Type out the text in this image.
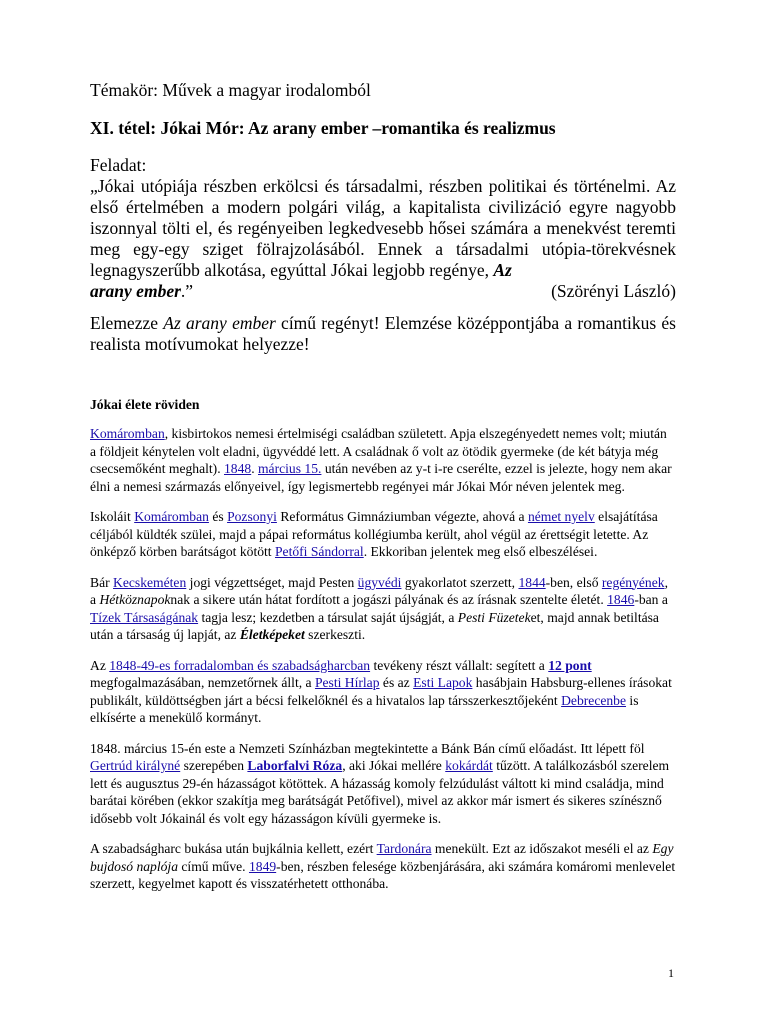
Témakör: Művek a magyar irodalomból
XI. tétel: Jókai Mór: Az arany ember –romantika és realizmus
Feladat:
„Jókai utópiája részben erkölcsi és társadalmi, részben politikai és történelmi. Az első értelmében a modern polgári világ, a kapitalista civilizáció egyre nagyobb iszonnyal tölti el, és regényeiben legkedvesebb hősei számára a menekvést teremti meg egy-egy sziget fölrajzolásából. Ennek a társadalmi utópia-törekvésnek legnagyszerűbb alkotása, egyúttal Jókai legjobb regénye, Az
arany ember.”	(Szörényi László)
Elemezze Az arany ember című regényt! Elemzése középpontjába a romantikus és realista motívumokat helyezze!
Jókai élete röviden

Komáromban, kisbirtokos nemesi értelmiségi családban született. Apja elszegényedett nemes volt; miután a földjeit kénytelen volt eladni, ügyvéddé lett. A családnak ő volt az ötödik gyermeke (de két bátyja még csecsemőként meghalt). 1848. március 15. után nevében az y-t i-re cserélte, ezzel is jelezte, hogy nem akar élni a nemesi származás előnyeivel, így legismertebb regényei már Jókai Mór néven jelentek meg.

Iskoláit Komáromban és Pozsonyi Református Gimnáziumban végezte, ahová a német nyelv elsajátítása céljából küldték szülei, majd a pápai református kollégiumba került, ahol végül az érettségit letette. Az önképző körben barátságot kötött Petőfi Sándorral. Ekkoriban jelentek meg első elbeszélései.

Bár Kecskeméten jogi végzettséget, majd Pesten ügyvédi gyakorlatot szerzett, 1844-ben, első regényének, a Hétköznapoknak a sikere után hátat fordított a jogászi pályának és az írásnak szentelte életét. 1846-ban a Tízek Társaságának tagja lesz; kezdetben a társulat saját újságját, a Pesti Füzeteket, majd annak betiltása után a társaság új lapját, az Életképeket szerkeszti.

Az 1848-49-es forradalomban és szabadságharcban tevékeny részt vállalt: segített a 12 pont megfogalmazásában, nemzetőrnek állt, a Pesti Hírlap és az Esti Lapok hasábjain Habsburg-ellenes írásokat publikált, küldöttségben járt a bécsi felkelőknél és a hivatalos lap társszerkesztőjeként Debrecenbe is elkísérte a menekülő kormányt.

1848. március 15-én este a Nemzeti Színházban megtekintette a Bánk Bán című előadást. Itt lépett föl Gertrúd királyné szerepében Laborfalvi Róza, aki Jókai mellére kokárdát tűzött. A találkozásból szerelem lett és augusztus 29-én házasságot kötöttek. A házasság komoly felzúdulást váltott ki mind családja, mind barátai körében (ekkor szakítja meg barátságát Petőfivel), mivel az akkor már ismert és sikeres színésznő idősebb volt Jókainál és volt egy házasságon kívüli gyermeke is.

A szabadságharc bukása után bujkálnia kellett, ezért Tardonára menekült. Ezt az időszakot meséli el az Egy bujdosó naplója című műve. 1849-ben, részben felesége közbenjárására, aki számára komáromi menlevelet szerzett, kegyelmet kapott és visszatérhetett otthonába.

1
